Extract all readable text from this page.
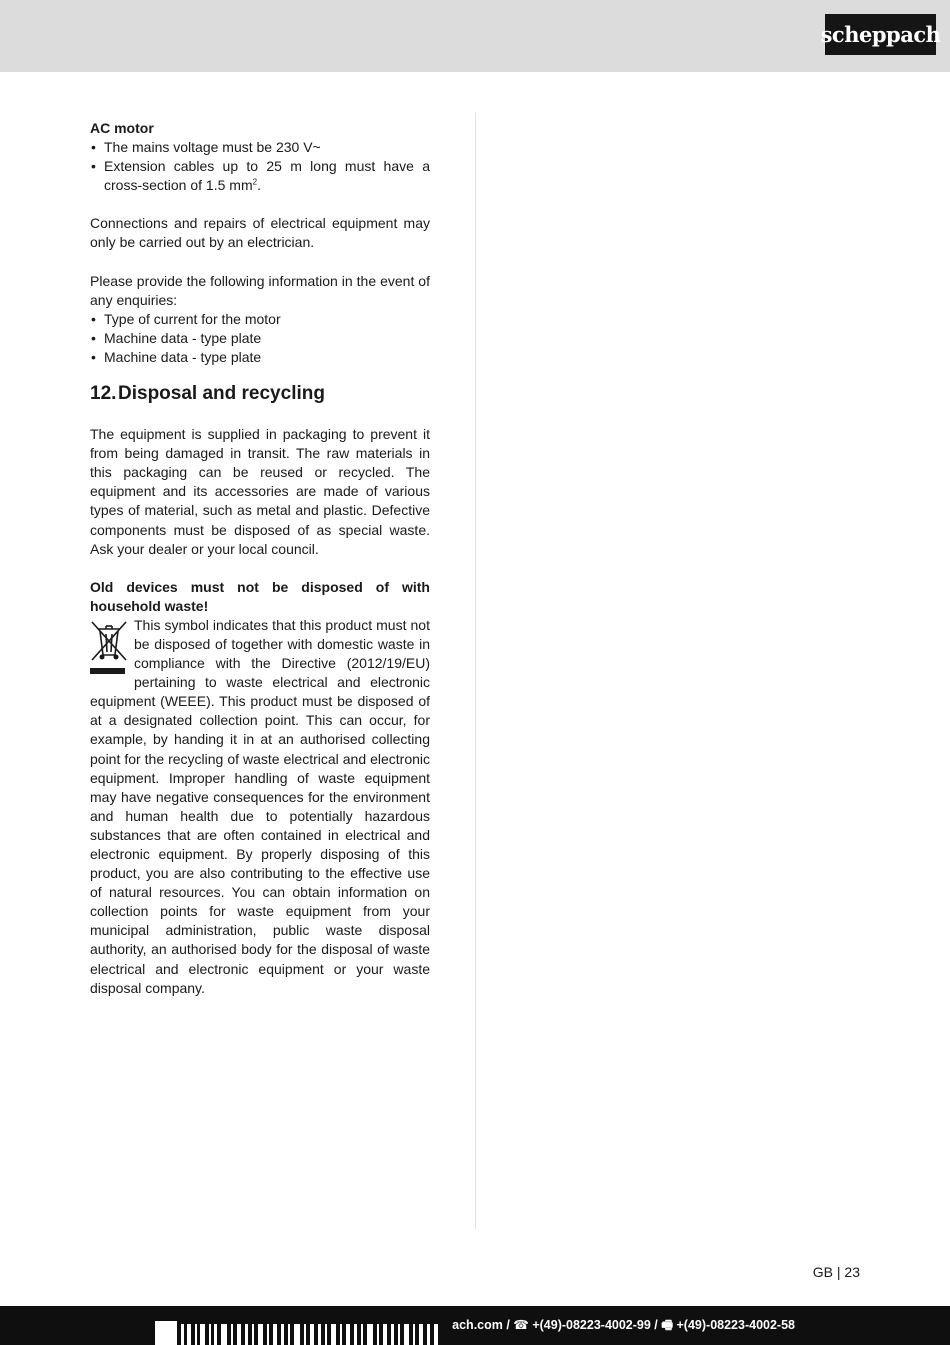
scheppach

AC motor

• The mains voltage must be 230 V~
• Extension cables up to 25 m long must have a cross-section of 1.5 $mm^2$.

Connections and repairs of electrical equipment may only be carried out by an electrician.

Please provide the following information in the event of any enquiries:

• Type of current for the motor
• Machine data - type plate
• Machine data - type plate
12. Disposal and recycling

The equipment is supplied in packaging to prevent it from being damaged in transit. The raw materials in this packaging can be reused or recycled. The equipment and its accessories are made of various types of material, such as metal and plastic. Defective components must be disposed of as special waste. Ask your dealer or your local council.

Old devices must not be disposed of with household waste!

This symbol indicates that this product must not be disposed of together with domestic waste in compliance with the Directive (2012/19/EU) pertaining to waste electrical and electronic equipment (WEEE). This product must be disposed of at a designated collection point. This can occur, for example, by handing it in at an authorised collecting point for the recycling of waste electrical and electronic equipment. Improper handling of waste equipment may have negative consequences for the environment and human health due to potentially hazardous substances that are often contained in electrical and electronic equipment. By properly disposing of this product, you are also contributing to the effective use of natural resources. You can obtain information on collection points for waste equipment from your municipal administration, public waste disposal authority, an authorised body for the disposal of waste electrical and electronic equipment or your waste disposal company.

GB | 23
ach.com / ☎ +(49)-08223-4002-99 / 🖷 +(49)-08223-4002-58
